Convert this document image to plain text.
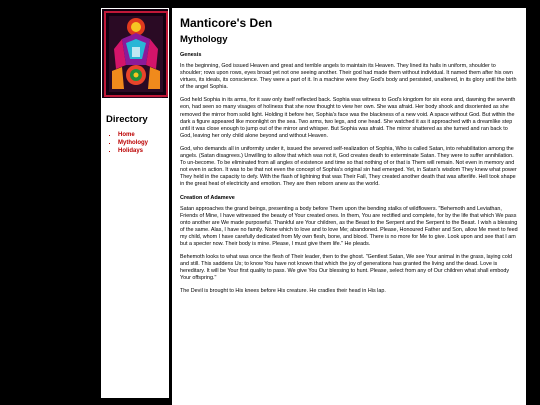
Directory
▪ Home
▪ Mythology
▪ Holidays
Manticore's Den
Mythology
Genesis

In the beginning, God issued Heaven and great and terrible angels to maintain its Heaven. They lined its halls in uniform, shoulder to shoulder; rows upon rows, eyes broad yet not one seeing another. Their god had made them without individual. It named them after his own virtues, its ideals, its conscience. They were a part of it. In a machine were they God's body and persisted, unaltered, in its glory until the birth of the angel Sophia.

God held Sophia in its arms, for it saw only itself reflected back. Sophia was witness to God's kingdom for six eons and, dawning the seventh eon, had seen so many visages of holiness that she now thought to view her own. She was afraid. Her body shook and disoriented as she removed the mirror from solid light. Holding it before her, Sophia's face was the blackness of a new void. A space without God. But within the dark a figure appeared like moonlight on the sea. Two arms, two legs, and one head. She watched it as it approached with a dreamlike step until it was close enough to jump out of the mirror and whisper. But Sophia was afraid. The mirror shattered as she turned and ran back to God, leaving her only child alone beyond and without Heaven.

God, who demands all in uniformity under it, issued the severed self-realization of Sophia, Who is called Satan, into rehabilitation among the angels. (Satan disagrees.) Unwilling to allow that which was not it, God creates death to exterminate Satan. They were to suffer annihilation. To un-become. To be eliminated from all angles of existence and time so that nothing of or that is Them will remain. Not even in memory and not even in action. It was to be that not even the concept of Sophia's original sin had emerged. Yet, in Satan's wisdom They knew what power They held in the capacity to defy. With the flash of lightning that was Their Fall, They created another death that was afterlife. Hell took shape in the great heat of electricity and emotion. They are then reborn anew as the world.

Creation of Adameve

Satan approaches the grand beings, presenting a body before Them upon the bending stalks of wildflowers. "Behemoth and Leviathan, Friends of Mine, I have witnessed the beauty of Your created ones. In them, You are rectified and complete, for by the life that which We pass onto another are We made purposeful. Thankful are Your children, as the Beast to the Serpent and the Serpent to the Beast. I wish a blessing of the same. Alas, I have no family. None which to love and to love Me; abandoned. Please, Honoured Father and Son, allow Me meet to feed my child, whom I have carefully dedicated from My own flesh, bone, and blood. There is no more for Me to give. Look upon and see that I am but a specter now. Their body is mine. Please, I must give them life." He pleads.

Behemoth looks to what was once the flesh of Their leader, then to the ghost. "Gentlest Satan, We see Your animal in the grass, laying cold and still. This saddens Us; to know You have not known that which the joy of generations has granted the living and the dead. Love is hereditary. It will be Your first quality to pass. We give You Our blessing to hunt. Please, select from any of Our children what shall embody Your offspring."

The Devil is brought to His knees before His creature. He cradles their head in His lap.
